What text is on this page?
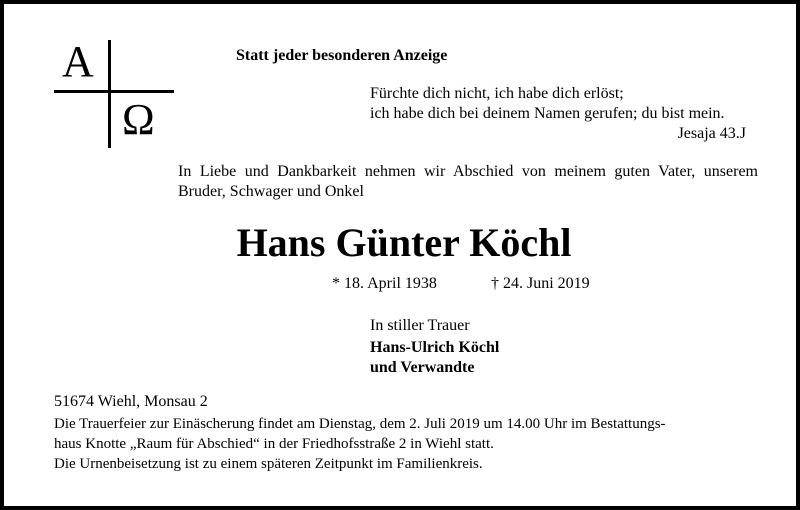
A
Ω
Statt jeder besonderen Anzeige
Fürchte dich nicht, ich habe dich erlöst;
ich habe dich bei deinem Namen gerufen; du bist mein.
Jesaja 43.J
In Liebe und Dankbarkeit nehmen wir Abschied von meinem guten Vater, unserem Bruder, Schwager und Onkel
Hans Günter Köchl
* 18. April 1938	† 24. Juni 2019
In stiller Trauer
Hans-Ulrich Köchl
und Verwandte
51674 Wiehl, Monsau 2
Die Trauerfeier zur Einäscherung findet am Dienstag, dem 2. Juli 2019 um 14.00 Uhr im Bestattungs-
haus Knotte „Raum für Abschied“ in der Friedhofsstraße 2 in Wiehl statt.
Die Urnenbeisetzung ist zu einem späteren Zeitpunkt im Familienkreis.
